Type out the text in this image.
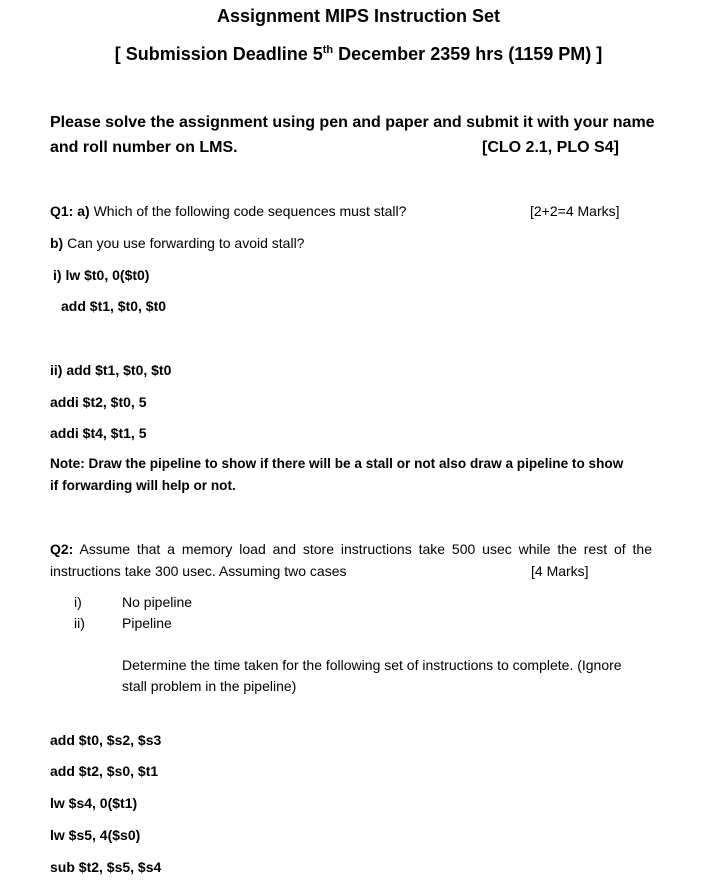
Assignment MIPS Instruction Set
[ Submission Deadline 5th December 2359 hrs (1159 PM) ]
Please solve the assignment using pen and paper and submit it with your name
and roll number on LMS.	[CLO 2.1, PLO S4]
Q1: a) Which of the following code sequences must stall?	[2+2=4 Marks]
b) Can you use forwarding to avoid stall?
i) lw $t0, 0($t0)
add $t1, $t0, $t0
ii) add $t1, $t0, $t0
addi $t2, $t0, 5
addi $t4, $t1, 5
Note: Draw the pipeline to show if there will be a stall or not also draw a pipeline to show
if forwarding will help or not.
Q2: Assume that a memory load and store instructions take 500 usec while the rest of the
instructions take 300 usec. Assuming two cases	[4 Marks]
i)	No pipeline
ii)	Pipeline
Determine the time taken for the following set of instructions to complete. (Ignore
stall problem in the pipeline)
add $t0, $s2, $s3
add $t2, $s0, $t1
lw $s4, 0($t1)
lw $s5, 4($s0)
sub $t2, $s5, $s4
